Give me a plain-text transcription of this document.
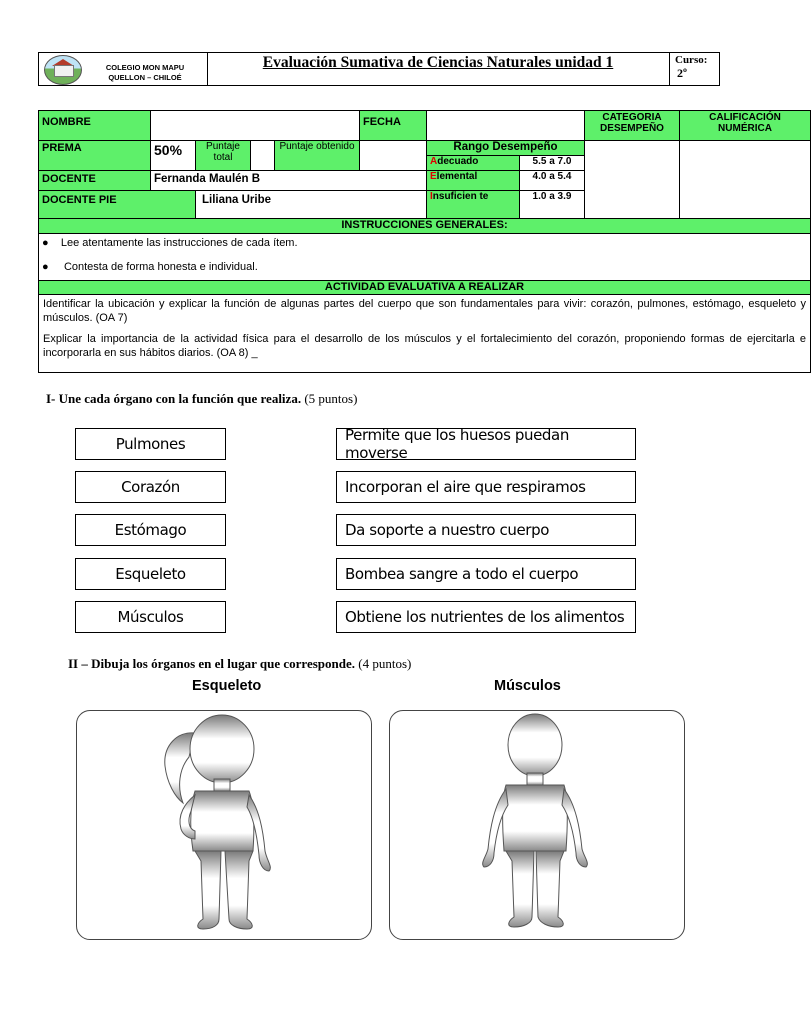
COLEGIO MON MAPU
QUELLON – CHILOÉ
Evaluación Sumativa de Ciencias Naturales unidad 1	Curso:
2º
NOMBRE					FECHA			CATEGORIA DESEMPEÑO	CALIFICACIÓN NUMÉRICA
PREMA	50%	Puntaje total		Puntaje obtenido		Rango Desempeño			
						Adecuado	5.5 a 7.0		
DOCENTE	Fernanda Maulén B					Elemental	4.0 a 5.4		
DOCENTE PIE		Liliana Uribe				Insuficien te	1.0 a 3.9		
INSTRUCCIONES GENERALES:									

● Lee atentamente las instrucciones de cada ítem.
● Contesta de forma honesta e individual.									

ACTIVIDAD EVALUATIVA A REALIZAR									

Identificar la ubicación y explicar la función de algunas partes del cuerpo que son fundamentales para vivir: corazón, pulmones, estómago, esqueleto y músculos. (OA 7)
Explicar la importancia de la actividad física para el desarrollo de los músculos y el fortalecimiento del corazón, proponiendo formas de ejercitarla e incorporarla en sus hábitos diarios. (OA 8) _									
I- Une cada órgano con la función que realiza. (5 puntos)
Pulmones
Corazón
Estómago
Esqueleto
Músculos
Permite que los huesos puedan moverse
Incorporan el aire que respiramos
Da soporte a nuestro cuerpo
Bombea sangre a todo el cuerpo
Obtiene los nutrientes de los alimentos
II – Dibuja los órganos en el lugar que corresponde. (4 puntos)
Esqueleto	Músculos
